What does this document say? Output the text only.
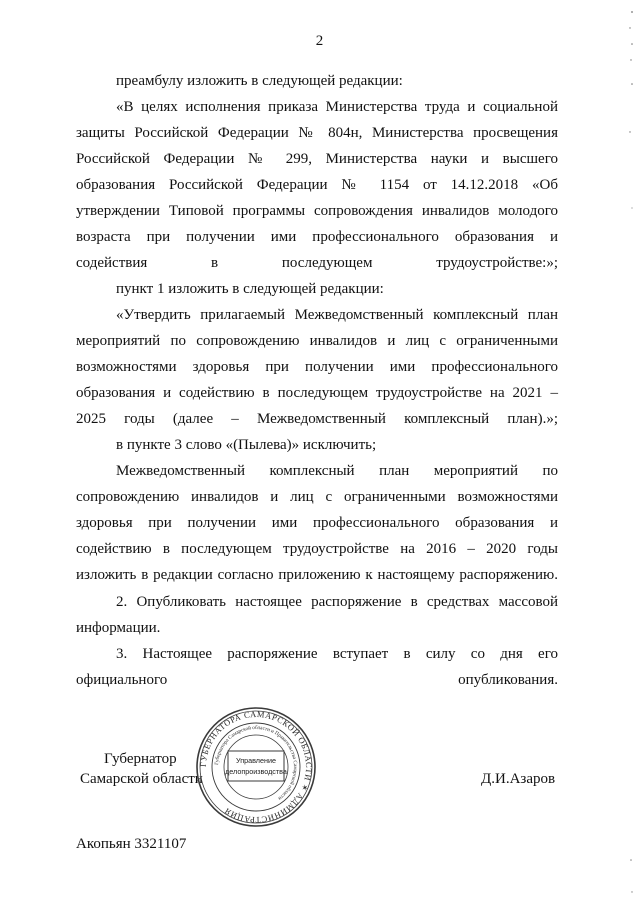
2

преамбулу изложить в следующей редакции:

«В целях исполнения приказа Министерства труда и социальной защиты Российской Федерации № 804н, Министерства просвещения Российской Федерации № 299, Министерства науки и высшего образования Российской Федерации № 1154 от 14.12.2018 «Об утверждении Типовой программы сопровождения инвалидов молодого возраста при получении ими профессионального образования и содействия в последующем трудоустройстве:»;

пункт 1 изложить в следующей редакции:

«Утвердить прилагаемый Межведомственный комплексный план мероприятий по сопровождению инвалидов и лиц с ограниченными возможностями здоровья при получении ими профессионального образования и содействию в последующем трудоустройстве на 2021 – 2025 годы (далее – Межведомственный комплексный план).»;

в пункте 3 слово «(Пылева)» исключить;

Межведомственный комплексный план мероприятий по сопровождению инвалидов и лиц с ограниченными возможностями здоровья при получении ими профессионального образования и содействию в последующем трудоустройстве на 2016 – 2020 годы изложить в редакции согласно приложению к настоящему распоряжению.

2. Опубликовать настоящее распоряжение в средствах массовой информации.

3. Настоящее распоряжение вступает в силу со дня его официального опубликования.

Губернатор
Самарской области	Д.И.Азаров
ГУБЕРНАТОРА САМАРСКОЙ ОБЛАСТИ ✶ АДМИНИСТРАЦИЯ
Губернатора Самарской области и Правительства Самарской области
Управление
делопроизводства
Акопьян 3321107
